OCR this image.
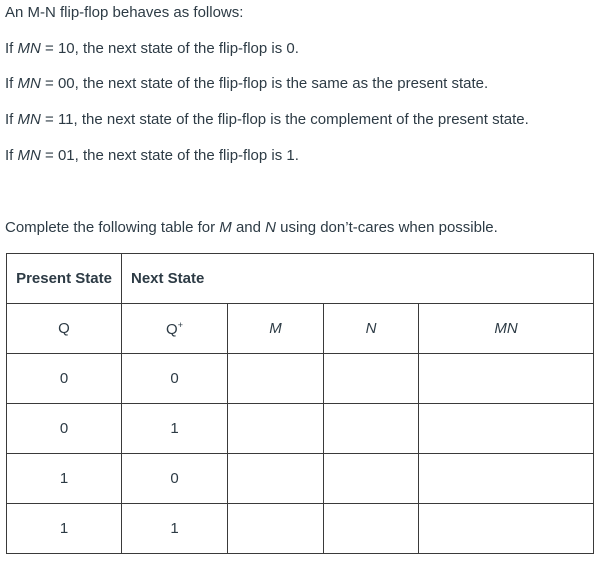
An M-N flip-flop behaves as follows:
If MN = 10, the next state of the flip-flop is 0.
If MN = 00, the next state of the flip-flop is the same as the present state.
If MN = 11, the next state of the flip-flop is the complement of the present state.
If MN = 01, the next state of the flip-flop is 1.
Complete the following table for M and N using don’t-cares when possible.
Present State	Next State			
Q	Q+	M	N	MN
0	0			
0	1			
1	0			
1	1			
